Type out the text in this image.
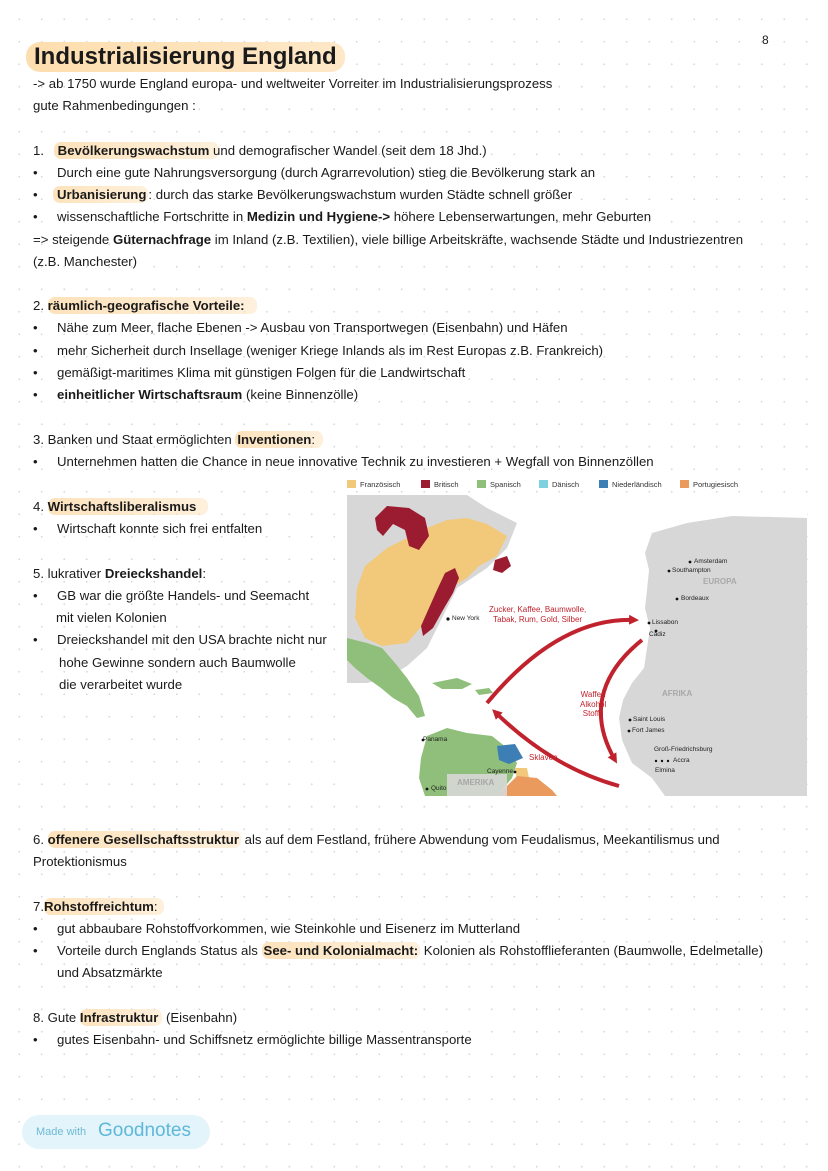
8
Industrialisierung England
-> ab 1750 wurde England europa- und weltweiter Vorreiter im Industrialisierungsprozess
gute Rahmenbedingungen :
1. Bevölkerungswachstum und demografischer Wandel (seit dem 18 Jhd.)
• Durch eine gute Nahrungsversorgung (durch Agrarrevolution) stieg die Bevölkerung stark an
•	Urbanisierung : durch das starke Bevölkerungswachstum wurden Städte schnell größer
• wissenschaftliche Fortschritte in Medizin und Hygiene-> höhere Lebenserwartungen, mehr Geburten
=> steigende Güternachfrage im Inland (z.B. Textilien), viele billige Arbeitskräfte, wachsende Städte und Industriezentren
(z.B. Manchester)
2. räumlich-geografische Vorteile:
• Nähe zum Meer, flache Ebenen -> Ausbau von Transportwegen (Eisenbahn) und Häfen
• mehr Sicherheit durch Insellage (weniger Kriege Inlands als im Rest Europas z.B. Frankreich)
• gemäßigt-maritimes Klima mit günstigen Folgen für die Landwirtschaft
• einheitlicher Wirtschaftsraum (keine Binnenzölle)
3. Banken und Staat ermöglichten Inventionen:
• Unternehmen hatten die Chance in neue innovative Technik zu investieren + Wegfall von Binnenzöllen
4. Wirtschaftsliberalismus
• Wirtschaft konnte sich frei entfalten
5. lukrativer Dreieckshandel:
• GB war die größte Handels- und Seemacht
mit vielen Kolonien
• Dreieckshandel mit den USA brachte nicht nur
hohe Gewinne sondern auch Baumwolle
die verarbeitet wurde
Französisch	Britisch	Spanisch	Dänisch	Niederländisch	Portugiesisch
Zucker, Kaffee, Baumwolle,
Tabak, Rum, Gold, Silber
Waffen
Alkohol
Stoffe
Sklaven
EUROPA
AFRIKA
AMERIKA
New York
Amsterdam
Southampton
Bordeaux
Lissabon
Cádiz
Saint Louis
Fort James
Groß-Friedrichsburg
Accra
Elmina
Panama
Cayenne
Quito
6. offenere Gesellschaftsstruktur als auf dem Festland, frühere Abwendung vom Feudalismus, Meekantilismus und
Protektionismus
7.Rohstoffreichtum:
• gut abbaubare Rohstoffvorkommen, wie Steinkohle und Eisenerz im Mutterland
• Vorteile durch Englands Status als See- und Kolonialmacht: Kolonien als Rohstofflieferanten (Baumwolle, Edelmetalle)
und Absatzmärkte
8. Gute Infrastruktur (Eisenbahn)
• gutes Eisenbahn- und Schiffsnetz ermöglichte billige Massentransporte
Made with Goodnotes
